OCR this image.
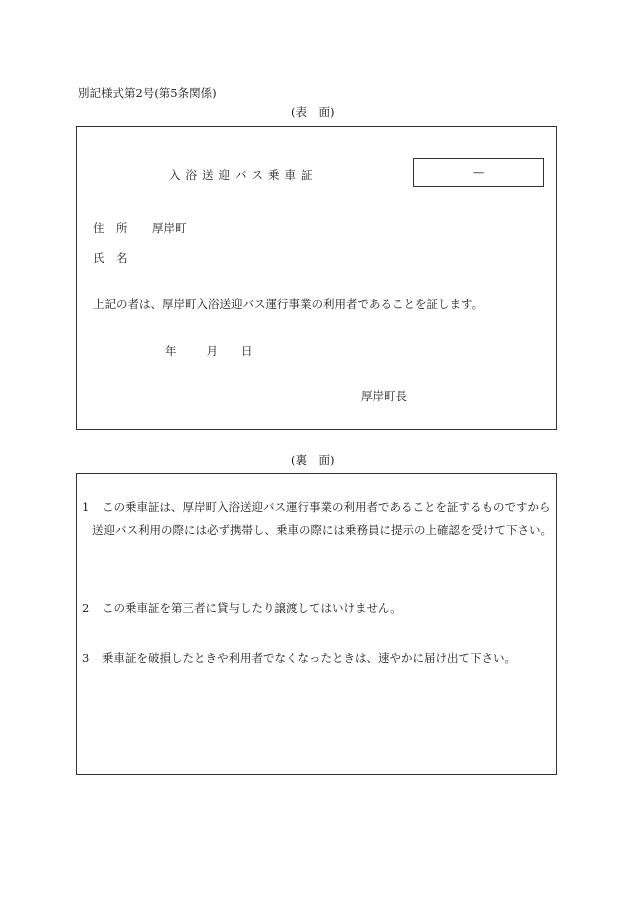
別記様式第2号(第5条関係)
(表　面)
入浴送迎バス乗車証	—
住　所 厚岸町
氏　名
上記の者は、厚岸町入浴送迎バス運行事業の利用者であることを証します。
年	月 日
厚岸町長
(裏　面)
1	この乗車証は、厚岸町入浴送迎バス運行事業の利用者であることを証するものですから送迎バス利用の際には必ず携帯し、乗車の際には乗務員に提示の上確認を受けて下さい。
2	この乗車証を第三者に貸与したり譲渡してはいけません。
3	乗車証を破損したときや利用者でなくなったときは、速やかに届け出て下さい。
